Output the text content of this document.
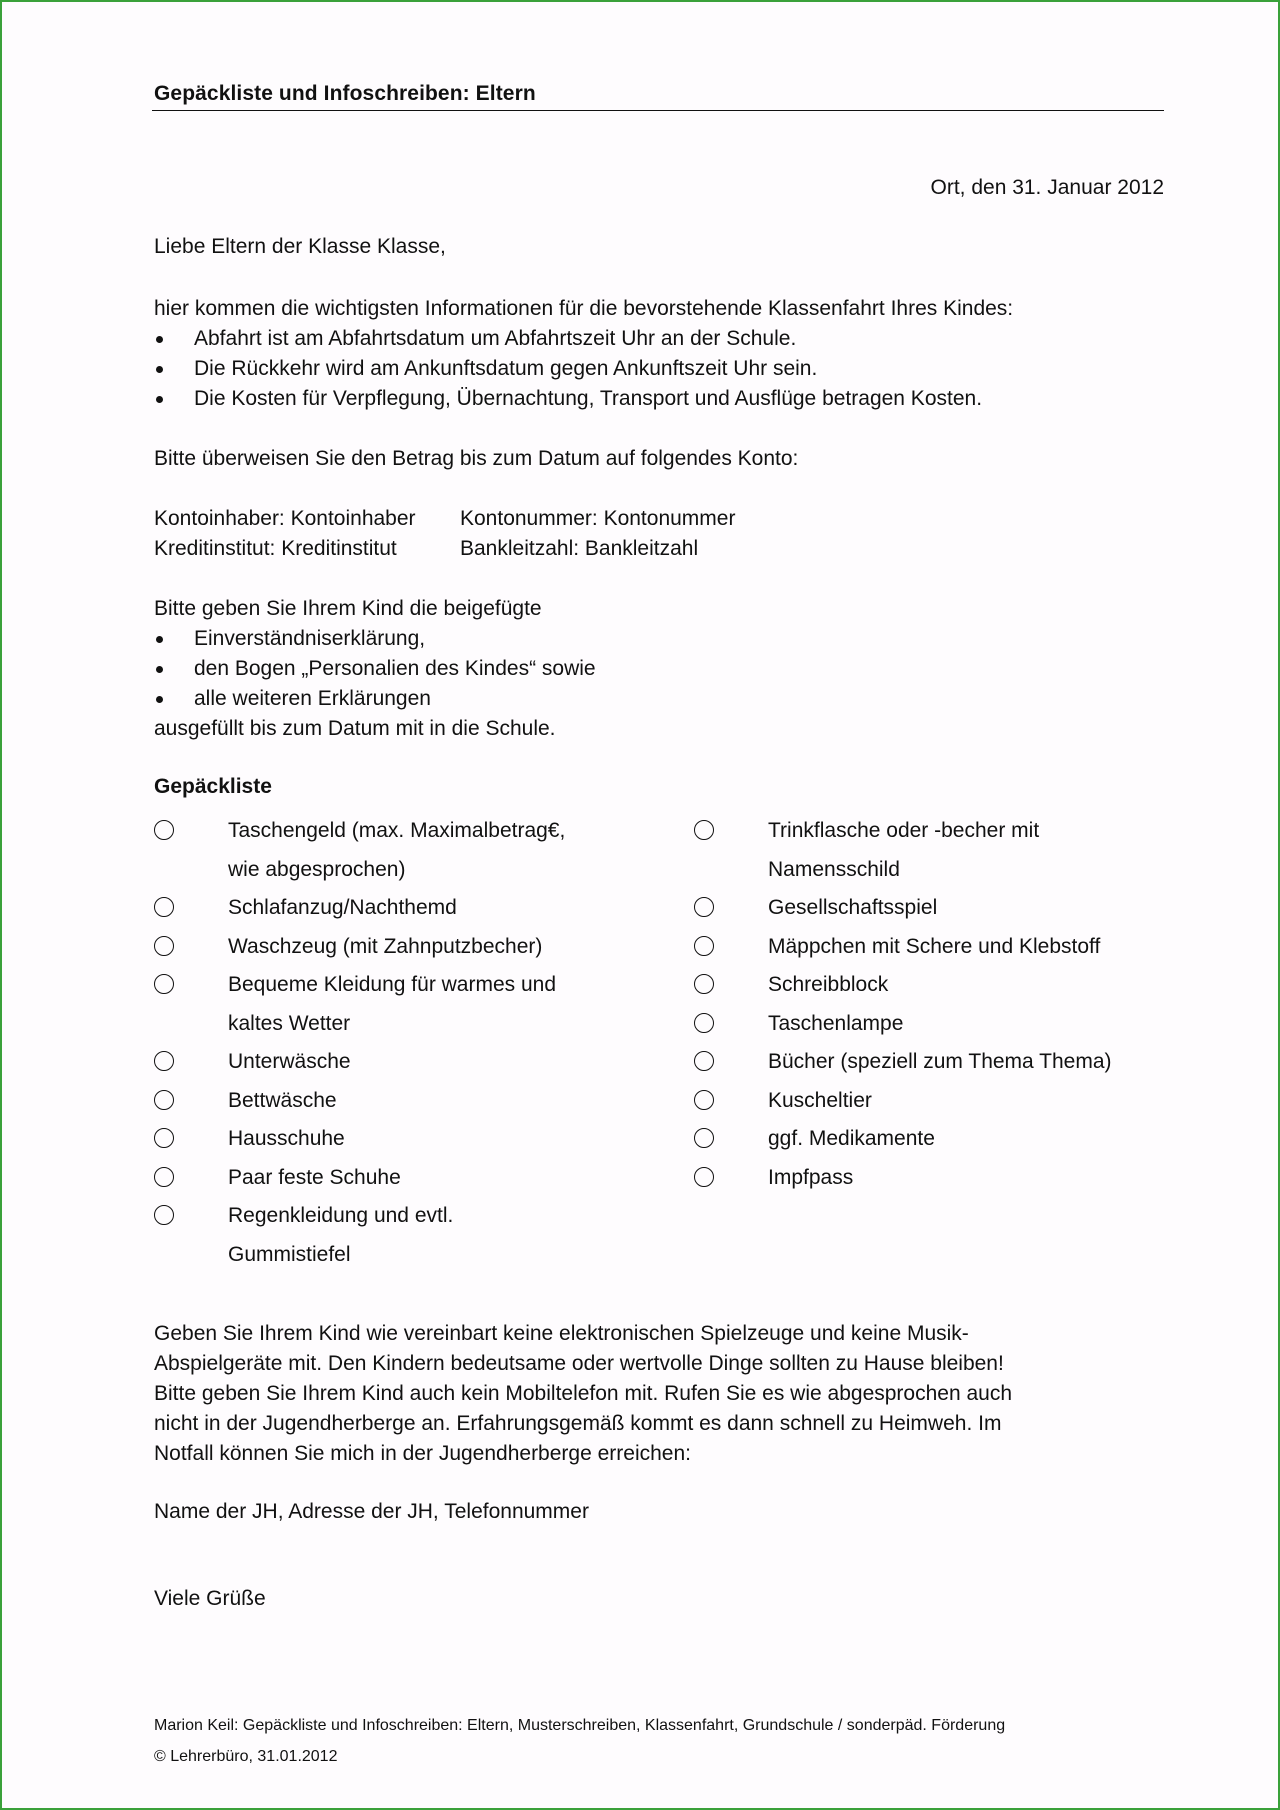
Gepäckliste und Infoschreiben: Eltern
Ort, den 31. Januar 2012
Liebe Eltern der Klasse Klasse,
hier kommen die wichtigsten Informationen für die bevorstehende Klassenfahrt Ihres Kindes:
Abfahrt ist am Abfahrtsdatum um Abfahrtszeit Uhr an der Schule.
Die Rückkehr wird am Ankunftsdatum gegen Ankunftszeit Uhr sein.
Die Kosten für Verpflegung, Übernachtung, Transport und Ausflüge betragen Kosten.
Bitte überweisen Sie den Betrag bis zum Datum auf folgendes Konto:
Kontoinhaber: Kontoinhaber	Kontonummer: Kontonummer
Kreditinstitut: Kreditinstitut	Bankleitzahl: Bankleitzahl
Bitte geben Sie Ihrem Kind die beigefügte
Einverständniserklärung,
den Bogen „Personalien des Kindes“ sowie
alle weiteren Erklärungen
ausgefüllt bis zum Datum mit in die Schule.
Gepäckliste
Taschengeld (max. Maximalbetrag€,
wie abgesprochen)
Schlafanzug/Nachthemd
Waschzeug (mit Zahnputzbecher)
Bequeme Kleidung für warmes und
kaltes Wetter
Unterwäsche
Bettwäsche
Hausschuhe
Paar feste Schuhe
Regenkleidung und evtl.
Gummistiefel
Trinkflasche oder -becher mit
Namensschild
Gesellschaftsspiel
Mäppchen mit Schere und Klebstoff
Schreibblock
Taschenlampe
Bücher (speziell zum Thema Thema)
Kuscheltier
ggf. Medikamente
Impfpass
Geben Sie Ihrem Kind wie vereinbart keine elektronischen Spielzeuge und keine Musik-
Abspielgeräte mit. Den Kindern bedeutsame oder wertvolle Dinge sollten zu Hause bleiben!
Bitte geben Sie Ihrem Kind auch kein Mobiltelefon mit. Rufen Sie es wie abgesprochen auch
nicht in der Jugendherberge an. Erfahrungsgemäß kommt es dann schnell zu Heimweh. Im
Notfall können Sie mich in der Jugendherberge erreichen:
Name der JH, Adresse der JH, Telefonnummer
Viele Grüße
Marion Keil: Gepäckliste und Infoschreiben: Eltern, Musterschreiben, Klassenfahrt, Grundschule / sonderpäd. Förderung
© Lehrerbüro, 31.01.2012
